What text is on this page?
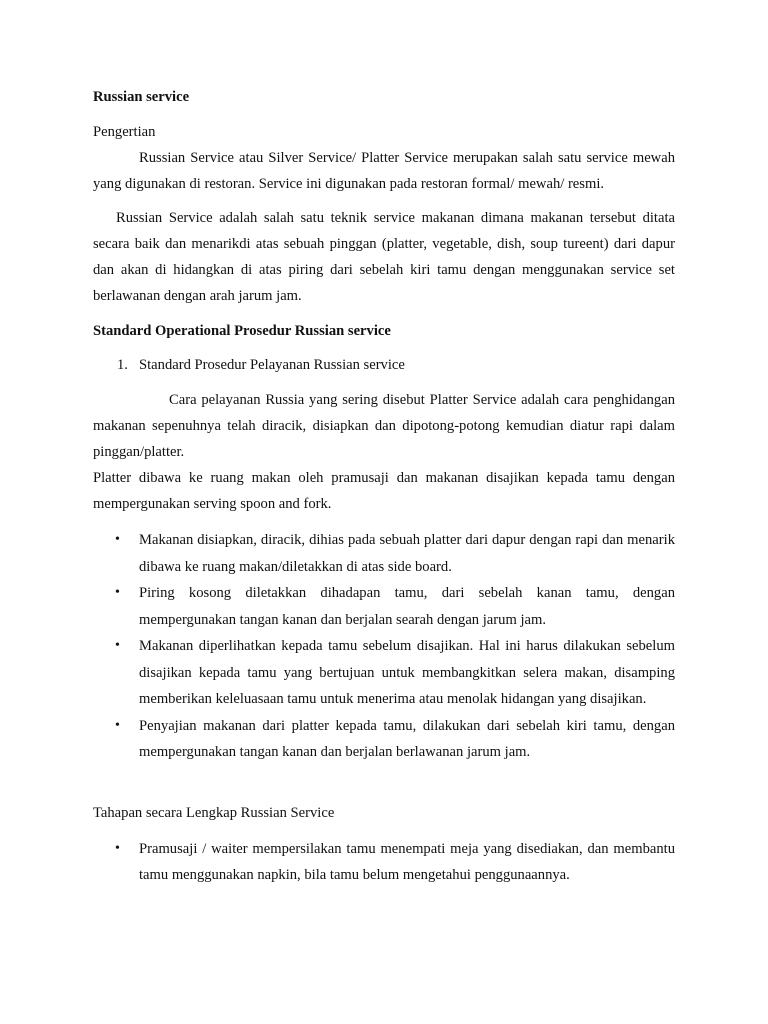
Russian service

Pengertian

Russian Service atau Silver Service/ Platter Service merupakan salah satu service mewah yang digunakan di restoran. Service ini digunakan pada restoran formal/ mewah/ resmi.

Russian Service adalah salah satu teknik service makanan dimana makanan tersebut ditata secara baik dan menarikdi atas sebuah pinggan (platter, vegetable, dish, soup tureent) dari dapur dan akan di hidangkan di atas piring dari sebelah kiri tamu dengan menggunakan service set berlawanan dengan arah jarum jam.

Standard Operational Prosedur Russian service

1. Standard Prosedur Pelayanan Russian service

Cara pelayanan Russia yang sering disebut Platter Service adalah cara penghidangan makanan sepenuhnya telah diracik, disiapkan dan dipotong-potong kemudian diatur rapi dalam pinggan/platter.

Platter dibawa ke ruang makan oleh pramusaji dan makanan disajikan kepada tamu dengan mempergunakan serving spoon and fork.

• Makanan disiapkan, diracik, dihias pada sebuah platter dari dapur dengan rapi dan menarik dibawa ke ruang makan/diletakkan di atas side board.
• Piring kosong diletakkan dihadapan tamu, dari sebelah kanan tamu, dengan mempergunakan tangan kanan dan berjalan searah dengan jarum jam.
• Makanan diperlihatkan kepada tamu sebelum disajikan. Hal ini harus dilakukan sebelum disajikan kepada tamu yang bertujuan untuk membangkitkan selera makan, disamping memberikan keleluasaan tamu untuk menerima atau menolak hidangan yang disajikan.
• Penyajian makanan dari platter kepada tamu, dilakukan dari sebelah kiri tamu, dengan mempergunakan tangan kanan dan berjalan berlawanan jarum jam.

Tahapan secara Lengkap Russian Service

• Pramusaji / waiter mempersilakan tamu menempati meja yang disediakan, dan membantu tamu menggunakan napkin, bila tamu belum mengetahui penggunaannya.
